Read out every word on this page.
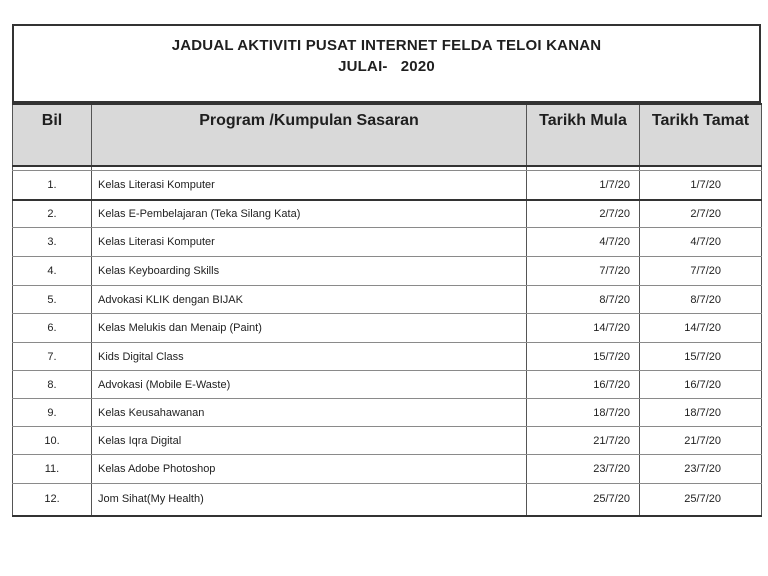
JADUAL AKTIVITI PUSAT INTERNET FELDA TELOI KANAN
JULAI-   2020
Bil	Program /Kumpulan Sasaran	Tarikh Mula	Tarikh Tamat

1.	Kelas Literasi Komputer	1/7/20	1/7/20
2.	Kelas E-Pembelajaran (Teka Silang Kata)	2/7/20	2/7/20
3.	Kelas Literasi Komputer	4/7/20	4/7/20
4.	Kelas Keyboarding Skills	7/7/20	7/7/20
5.	Advokasi KLIK dengan BIJAK	8/7/20	8/7/20
6.	Kelas Melukis dan Menaip (Paint)	14/7/20	14/7/20
7.	Kids Digital Class	15/7/20	15/7/20
8.	Advokasi (Mobile E-Waste)	16/7/20	16/7/20
9.	Kelas Keusahawanan	18/7/20	18/7/20
10.	Kelas Iqra Digital	21/7/20	21/7/20
11.	Kelas Adobe Photoshop	23/7/20	23/7/20
12.	Jom Sihat(My Health)	25/7/20	25/7/20
